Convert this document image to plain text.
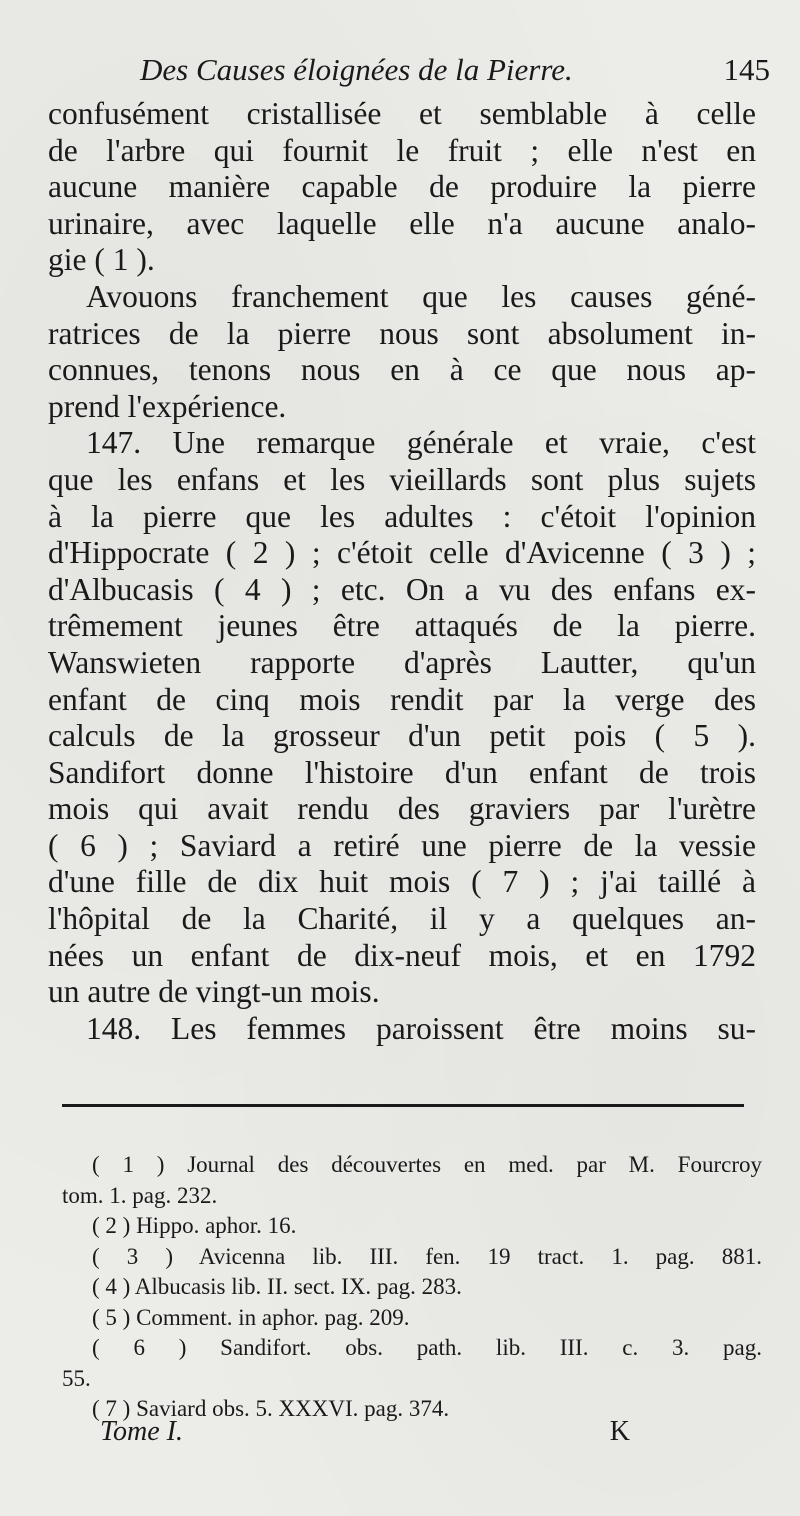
Des Causes éloignées de la Pierre.	145
confusément cristallisée et semblable à celle
de l'arbre qui fournit le fruit ; elle n'est en
aucune manière capable de produire la pierre
urinaire, avec laquelle elle n'a aucune analo-
gie ( 1 ).
Avouons franchement que les causes géné-
ratrices de la pierre nous sont absolument in-
connues, tenons nous en à ce que nous ap-
prend l'expérience.
147. Une remarque générale et vraie, c'est
que les enfans et les vieillards sont plus sujets
à la pierre que les adultes : c'étoit l'opinion
d'Hippocrate ( 2 ) ; c'étoit celle d'Avicenne ( 3 ) ;
d'Albucasis ( 4 ) ; etc. On a vu des enfans ex-
trêmement jeunes être attaqués de la pierre.
Wanswieten rapporte d'après Lautter, qu'un
enfant de cinq mois rendit par la verge des
calculs de la grosseur d'un petit pois ( 5 ).
Sandifort donne l'histoire d'un enfant de trois
mois qui avait rendu des graviers par l'urètre
( 6 ) ; Saviard a retiré une pierre de la vessie
d'une fille de dix huit mois ( 7 ) ; j'ai taillé à
l'hôpital de la Charité, il y a quelques an-
nées un enfant de dix-neuf mois, et en 1792
un autre de vingt-un mois.
148. Les femmes paroissent être moins su-
( 1 ) Journal des découvertes en med. par M. Fourcroy
tom. 1. pag. 232.
( 2 ) Hippo. aphor. 16.
( 3 ) Avicenna lib. III. fen. 19 tract. 1. pag. 881.
( 4 ) Albucasis lib. II. sect. IX. pag. 283.
( 5 ) Comment. in aphor. pag. 209.
( 6 ) Sandifort. obs. path. lib. III. c. 3. pag.
55.
( 7 ) Saviard obs. 5. XXXVI. pag. 374.
Tome I.	K
